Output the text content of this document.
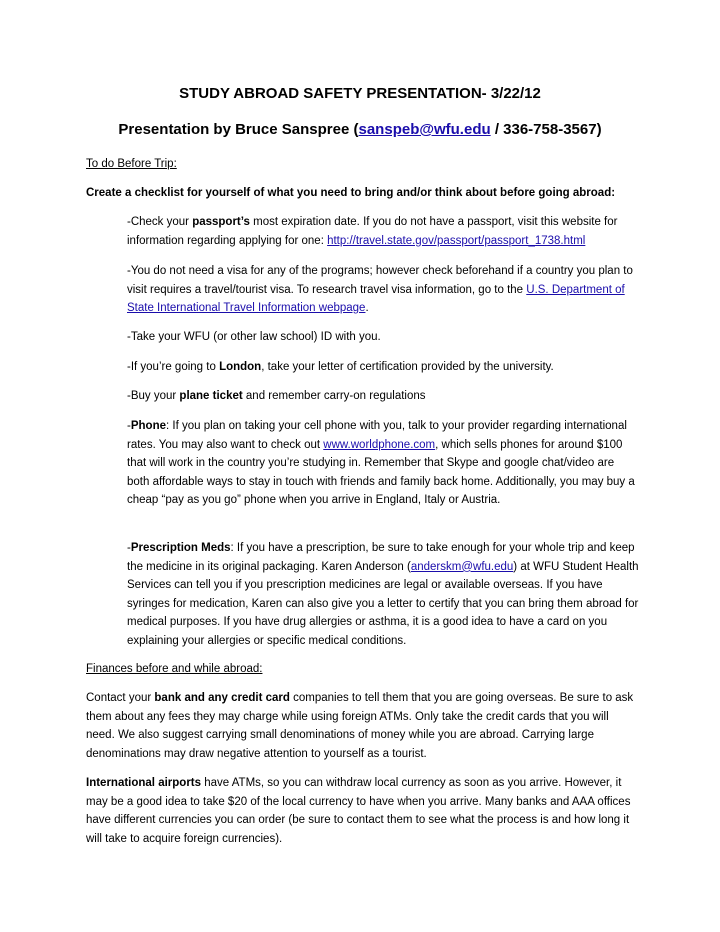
STUDY ABROAD SAFETY PRESENTATION- 3/22/12
Presentation by Bruce Sanspree (sanspeb@wfu.edu / 336-758-3567)

To do Before Trip:

Create a checklist for yourself of what you need to bring and/or think about before going abroad:

-Check your passport’s most expiration date. If you do not have a passport, visit this website for information regarding applying for one: http://travel.state.gov/passport/passport_1738.html

-You do not need a visa for any of the programs; however check beforehand if a country you plan to visit requires a travel/tourist visa. To research travel visa information, go to the U.S. Department of State International Travel Information webpage.

-Take your WFU (or other law school) ID with you.

-If you’re going to London, take your letter of certification provided by the university.

-Buy your plane ticket and remember carry-on regulations

-Phone: If you plan on taking your cell phone with you, talk to your provider regarding international rates. You may also want to check out www.worldphone.com, which sells phones for around $100 that will work in the country you’re studying in. Remember that Skype and google chat/video are both affordable ways to stay in touch with friends and family back home. Additionally, you may buy a cheap “pay as you go” phone when you arrive in England, Italy or Austria.

-Prescription Meds: If you have a prescription, be sure to take enough for your whole trip and keep the medicine in its original packaging. Karen Anderson (anderskm@wfu.edu) at WFU Student Health Services can tell you if you prescription medicines are legal or available overseas. If you have syringes for medication, Karen can also give you a letter to certify that you can bring them abroad for medical purposes. If you have drug allergies or asthma, it is a good idea to have a card on you explaining your allergies or specific medical conditions.

Finances before and while abroad:

Contact your bank and any credit card companies to tell them that you are going overseas. Be sure to ask them about any fees they may charge while using foreign ATMs. Only take the credit cards that you will need. We also suggest carrying small denominations of money while you are abroad. Carrying large denominations may draw negative attention to yourself as a tourist.

International airports have ATMs, so you can withdraw local currency as soon as you arrive. However, it may be a good idea to take $20 of the local currency to have when you arrive. Many banks and AAA offices have different currencies you can order (be sure to contact them to see what the process is and how long it will take to acquire foreign currencies).
